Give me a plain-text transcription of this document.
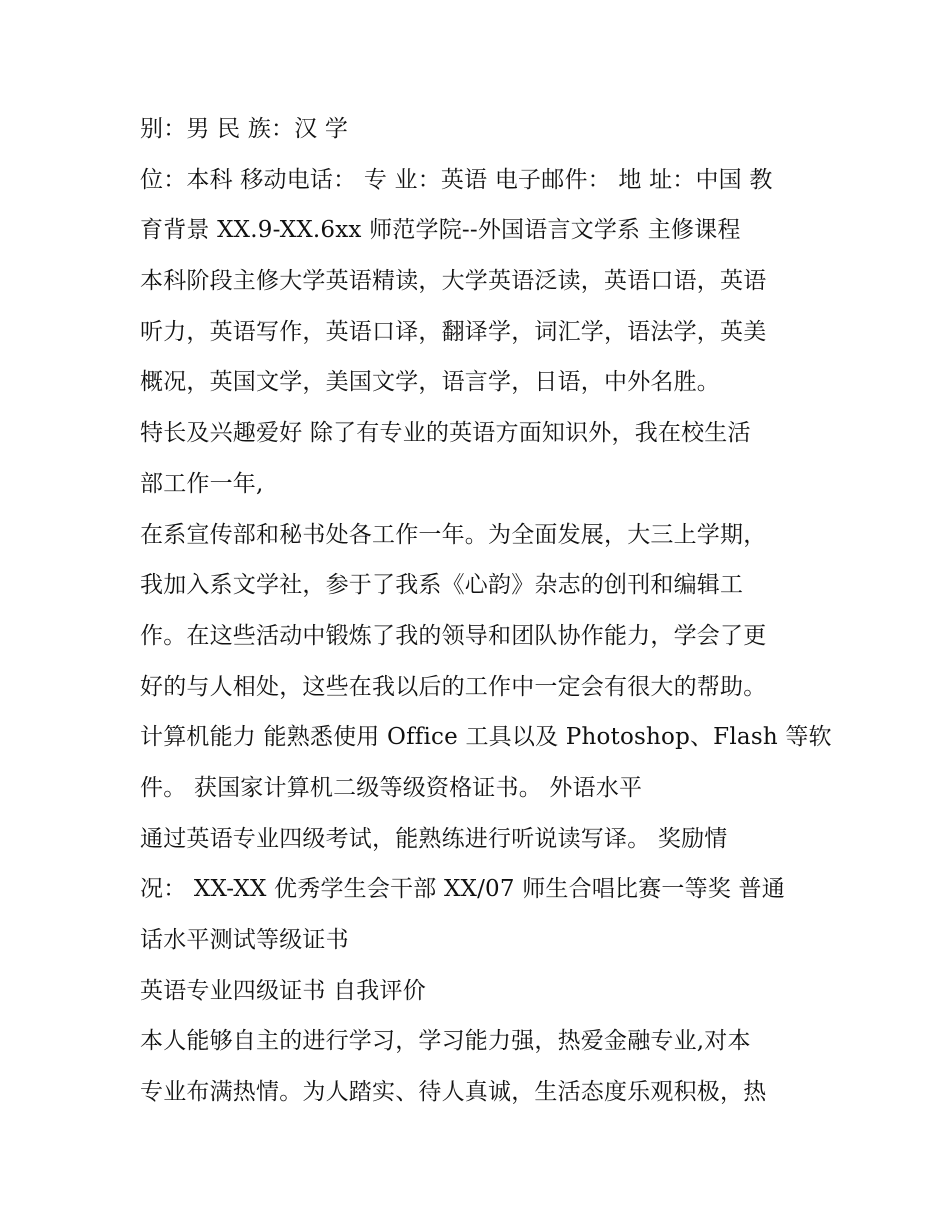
别：男 民 族：汉 学
位：本科 移动电话： 专 业：英语 电子邮件： 地 址：中国 教
育背景 XX.9-XX.6xx 师范学院--外国语言文学系 主修课程
本科阶段主修大学英语精读，大学英语泛读，英语口语，英语
听力，英语写作，英语口译，翻译学，词汇学，语法学，英美
概况，英国文学，美国文学，语言学，日语，中外名胜。
特长及兴趣爱好 除了有专业的英语方面知识外，我在校生活
部工作一年,
在系宣传部和秘书处各工作一年。为全面发展，大三上学期，
我加入系文学社，参于了我系《心韵》杂志的创刊和编辑工
作。在这些活动中锻炼了我的领导和团队协作能力，学会了更
好的与人相处，这些在我以后的工作中一定会有很大的帮助。
计算机能力 能熟悉使用 Office 工具以及 Photoshop、Flash 等软
件。 获国家计算机二级等级资格证书。 外语水平
通过英语专业四级考试，能熟练进行听说读写译。 奖励情
况： XX-XX 优秀学生会干部 XX/07 师生合唱比赛一等奖 普通
话水平测试等级证书
英语专业四级证书 自我评价
本人能够自主的进行学习，学习能力强，热爱金融专业,对本
专业布满热情。为人踏实、待人真诚，生活态度乐观积极，热
